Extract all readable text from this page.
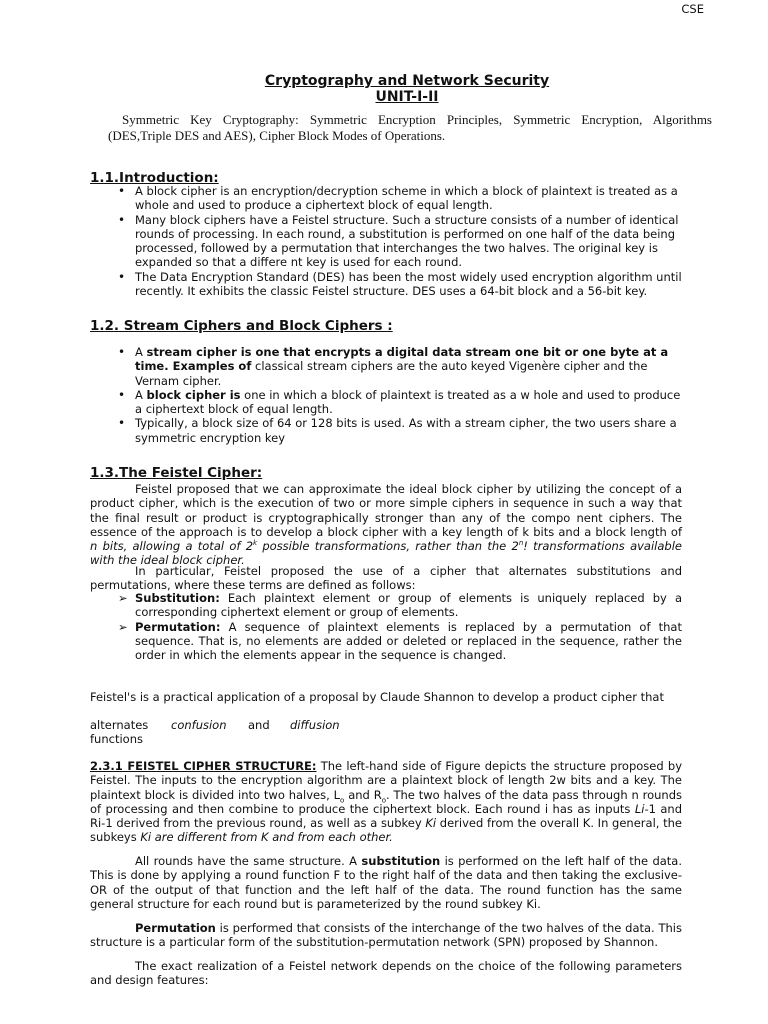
CSE
Cryptography and Network Security
UNIT-I-II
Symmetric Key Cryptography: Symmetric Encryption Principles, Symmetric Encryption, Algorithms (DES,Triple DES and AES), Cipher Block Modes of Operations.
1.1.Introduction:
• A block cipher is an encryption/decryption scheme in which a block of plaintext is treated as a whole and used to produce a ciphertext block of equal length.
• Many block ciphers have a Feistel structure. Such a structure consists of a number of identical rounds of processing. In each round, a substitution is performed on one half of the data being processed, followed by a permutation that interchanges the two halves. The original key is expanded so that a differe nt key is used for each round.
• The Data Encryption Standard (DES) has been the most widely used encryption algorithm until recently. It exhibits the classic Feistel structure. DES uses a 64-bit block and a 56-bit key.
1.2. Stream Ciphers and Block Ciphers :
• A stream cipher is one that encrypts a digital data stream one bit or one byte at a time. Examples of classical stream ciphers are the auto keyed Vigenère cipher and the Vernam cipher.
• A block cipher is one in which a block of plaintext is treated as a w hole and used to produce a ciphertext block of equal length.
• Typically, a block size of 64 or 128 bits is used. As with a stream cipher, the two users share a symmetric encryption key
1.3.The Feistel Cipher:

Feistel proposed that we can approximate the ideal block cipher by utilizing the concept of a product cipher, which is the execution of two or more simple ciphers in sequence in such a way that the final result or product is cryptographically stronger than any of the compo nent ciphers. The essence of the approach is to develop a block cipher with a key length of k bits and a block length of n bits, allowing a total of 2$^k$ possible transformations, rather than the 2$^n$! transformations available with the ideal block cipher.

In particular, Feistel proposed the use of a cipher that alternates substitutions and permutations, where these terms are defined as follows:

➢ Substitution: Each plaintext element or group of elements is uniquely replaced by a corresponding ciphertext element or group of elements.
➢ Permutation: A sequence of plaintext elements is replaced by a permutation of that sequence. That is, no elements are added or deleted or replaced in the sequence, rather the order in which the elements appear in the sequence is changed.

Feistel's is a practical application of a proposal by Claude Shannon to develop a product cipher that

alternates confusion and diffusion

functions

2.3.1 FEISTEL CIPHER STRUCTURE: The left-hand side of Figure depicts the structure proposed by Feistel. The inputs to the encryption algorithm are a plaintext block of length 2w bits and a key. The plaintext block is divided into two halves, $L_o$ and $R_o$. The two halves of the data pass through n rounds of processing and then combine to produce the ciphertext block. Each round i has as inputs Li-1 and Ri-1 derived from the previous round, as well as a subkey Ki derived from the overall K. In general, the subkeys Ki are different from K and from each other.

All rounds have the same structure. A substitution is performed on the left half of the data. This is done by applying a round function F to the right half of the data and then taking the exclusive-OR of the output of that function and the left half of the data. The round function has the same general structure for each round but is parameterized by the round subkey Ki.

Permutation is performed that consists of the interchange of the two halves of the data. This structure is a particular form of the substitution-permutation network (SPN) proposed by Shannon.

The exact realization of a Feistel network depends on the choice of the following parameters and design features:
